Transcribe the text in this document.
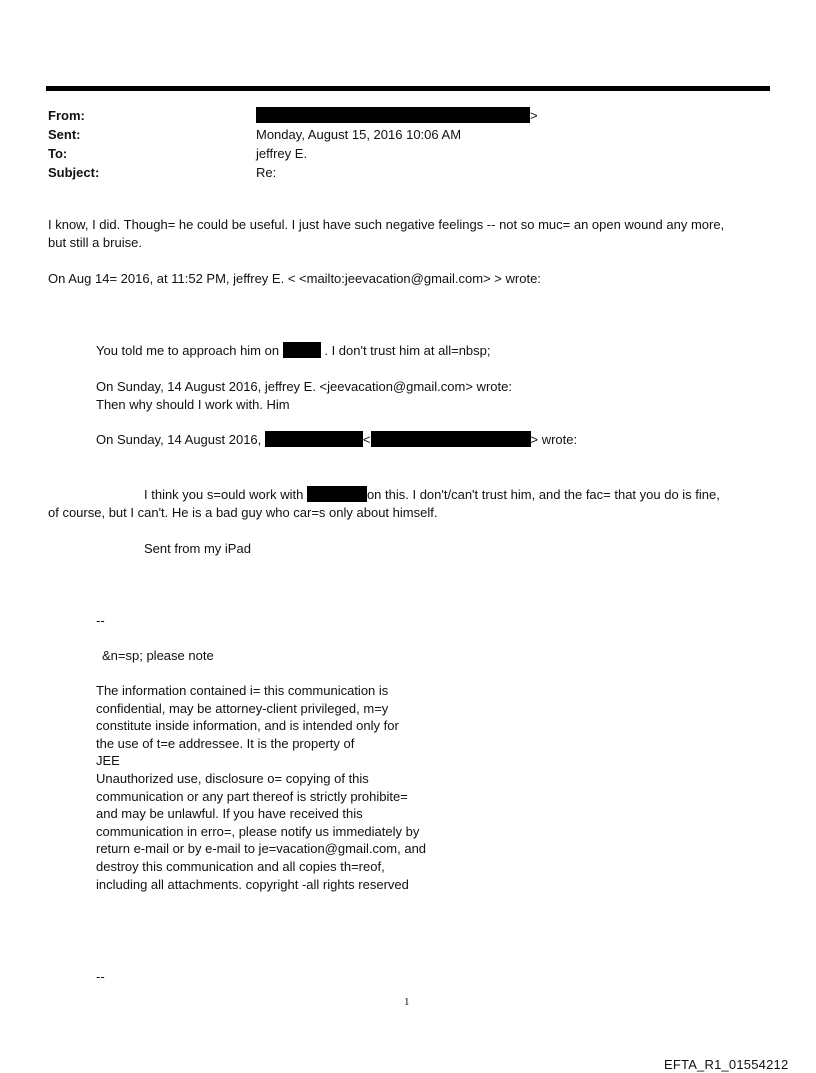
From:	>
Sent:	Monday, August 15, 2016 10:06 AM
To:	jeffrey E.
Subject:	Re:
I know, I did. Though= he could be useful. I just have such negative feelings -- not so muc= an open wound any more,
but still a bruise.
On Aug 14= 2016, at 11:52 PM, jeffrey E. < <mailto:jeevacation@gmail.com> > wrote:
You told me to approach him on	. I don't trust him at all=nbsp;
On Sunday, 14 August 2016, jeffrey E. <jeevacation@gmail.com> wrote:
Then why should I work with. Him
On Sunday, 14 August 2016,	<	> wrote:
I think you s=ould work with	on this. I don't/can't trust him, and the fac= that you do is fine,
of course, but I can't. He is a bad guy who car=s only about himself.
Sent from my iPad
--
&n=sp; please note
The information contained i= this communication is
confidential, may be attorney-client privileged, m=y
constitute inside information, and is intended only for
the use of t=e addressee. It is the property of
JEE
Unauthorized use, disclosure o= copying of this
communication or any part thereof is strictly prohibite=
and may be unlawful. If you have received this
communication in erro=, please notify us immediately by
return e-mail or by e-mail to je=vacation@gmail.com, and
destroy this communication and all copies th=reof,
including all attachments. copyright -all rights reserved
--
1
EFTA_R1_01554212
